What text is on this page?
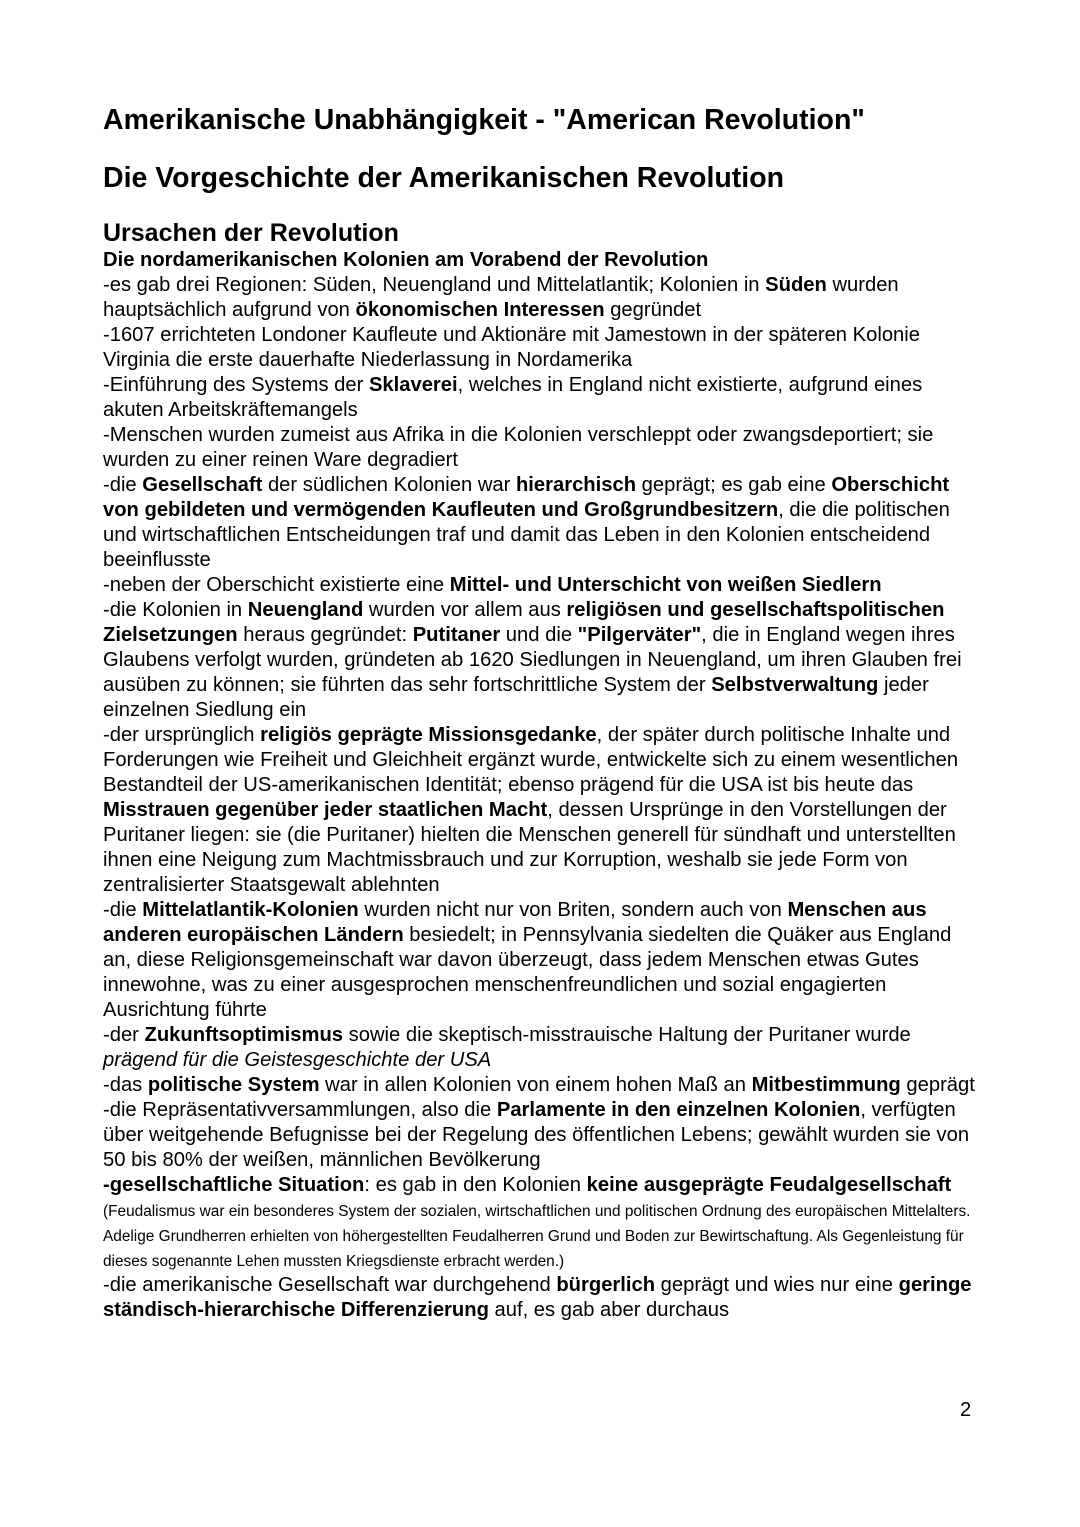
Amerikanische Unabhängigkeit - "American Revolution"
Die Vorgeschichte der Amerikanischen Revolution
Ursachen der Revolution

Die nordamerikanischen Kolonien am Vorabend der Revolution

-es gab drei Regionen: Süden, Neuengland und Mittelatlantik; Kolonien in Süden wurden hauptsächlich aufgrund von ökonomischen Interessen gegründet

-1607 errichteten Londoner Kaufleute und Aktionäre mit Jamestown in der späteren Kolonie Virginia die erste dauerhafte Niederlassung in Nordamerika

-Einführung des Systems der Sklaverei, welches in England nicht existierte, aufgrund eines akuten Arbeitskräftemangels

-Menschen wurden zumeist aus Afrika in die Kolonien verschleppt oder zwangsdeportiert; sie wurden zu einer reinen Ware degradiert

-die Gesellschaft der südlichen Kolonien war hierarchisch geprägt; es gab eine Oberschicht von gebildeten und vermögenden Kaufleuten und Großgrundbesitzern, die die politischen und wirtschaftlichen Entscheidungen traf und damit das Leben in den Kolonien entscheidend beeinflusste

-neben der Oberschicht existierte eine Mittel- und Unterschicht von weißen Siedlern

-die Kolonien in Neuengland wurden vor allem aus religiösen und gesellschaftspolitischen Zielsetzungen heraus gegründet: Putitaner und die "Pilgerväter", die in England wegen ihres Glaubens verfolgt wurden, gründeten ab 1620 Siedlungen in Neuengland, um ihren Glauben frei ausüben zu können; sie führten das sehr fortschrittliche System der Selbstverwaltung jeder einzelnen Siedlung ein

-der ursprünglich religiös geprägte Missionsgedanke, der später durch politische Inhalte und Forderungen wie Freiheit und Gleichheit ergänzt wurde, entwickelte sich zu einem wesentlichen Bestandteil der US-amerikanischen Identität; ebenso prägend für die USA ist bis heute das Misstrauen gegenüber jeder staatlichen Macht, dessen Ursprünge in den Vorstellungen der Puritaner liegen: sie (die Puritaner) hielten die Menschen generell für sündhaft und unterstellten ihnen eine Neigung zum Machtmissbrauch und zur Korruption, weshalb sie jede Form von zentralisierter Staatsgewalt ablehnten

-die Mittelatlantik-Kolonien wurden nicht nur von Briten, sondern auch von Menschen aus anderen europäischen Ländern besiedelt; in Pennsylvania siedelten die Quäker aus England an, diese Religionsgemeinschaft war davon überzeugt, dass jedem Menschen etwas Gutes innewohne, was zu einer ausgesprochen menschenfreundlichen und sozial engagierten Ausrichtung führte

-der Zukunftsoptimismus sowie die skeptisch-misstrauische Haltung der Puritaner wurde prägend für die Geistesgeschichte der USA

-das politische System war in allen Kolonien von einem hohen Maß an Mitbestimmung geprägt

-die Repräsentativversammlungen, also die Parlamente in den einzelnen Kolonien, verfügten über weitgehende Befugnisse bei der Regelung des öffentlichen Lebens; gewählt wurden sie von 50 bis 80% der weißen, männlichen Bevölkerung

-gesellschaftliche Situation: es gab in den Kolonien keine ausgeprägte Feudalgesellschaft (Feudalismus war ein besonderes System der sozialen, wirtschaftlichen und politischen Ordnung des europäischen Mittelalters. Adelige Grundherren erhielten von höhergestellten Feudalherren Grund und Boden zur Bewirtschaftung. Als Gegenleistung für dieses sogenannte Lehen mussten Kriegsdienste erbracht werden.)

-die amerikanische Gesellschaft war durchgehend bürgerlich geprägt und wies nur eine geringe ständisch-hierarchische Differenzierung auf, es gab aber durchaus

2
